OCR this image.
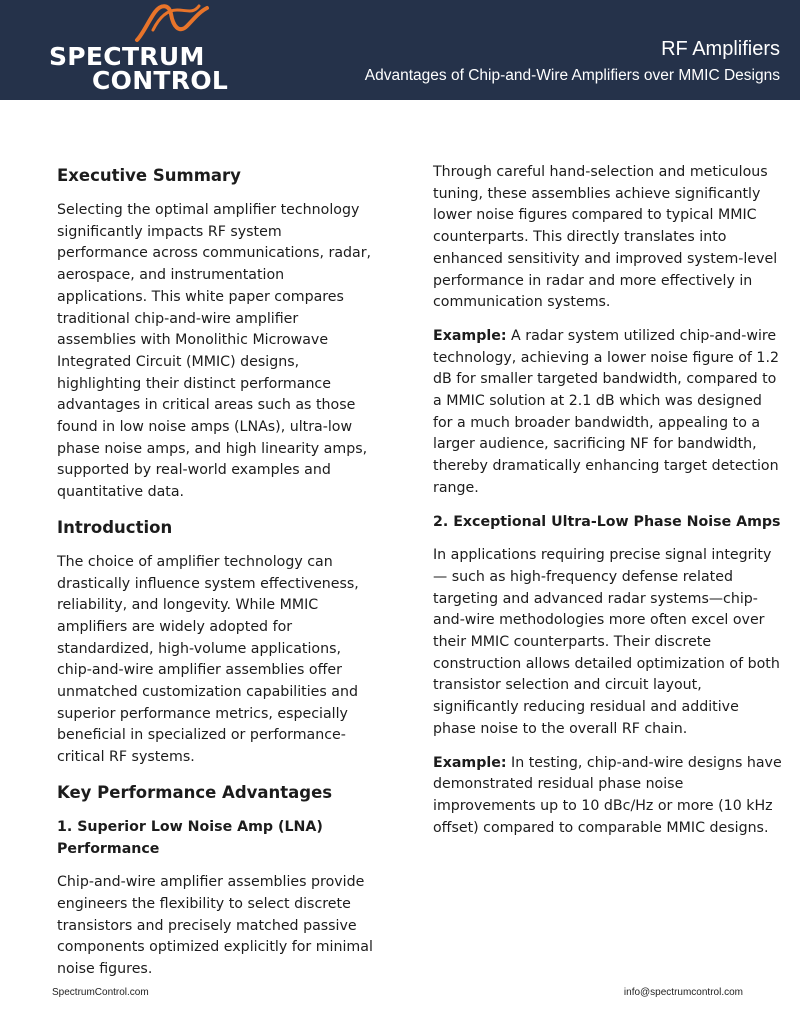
SPECTRUM
CONTROL
RF Amplifiers
Advantages of Chip-and-Wire Amplifiers over MMIC Designs
Executive Summary

Selecting the optimal amplifier technology significantly impacts RF system performance across communications, radar, aerospace, and instrumentation applications. This white paper compares traditional chip-and-wire amplifier assemblies with Monolithic Microwave Integrated Circuit (MMIC) designs, highlighting their distinct performance advantages in critical areas such as those found in low noise amps (LNAs), ultra-low phase noise amps, and high linearity amps, supported by real-world examples and quantitative data.

Introduction

The choice of amplifier technology can drastically influence system effectiveness, reliability, and longevity. While MMIC amplifiers are widely adopted for standardized, high-volume applications, chip-and-wire amplifier assemblies offer unmatched customization capabilities and superior performance metrics, especially beneficial in specialized or performance-critical RF systems.

Key Performance Advantages
1. Superior Low Noise Amp (LNA) Performance

Chip-and-wire amplifier assemblies provide engineers the flexibility to select discrete transistors and precisely matched passive components optimized explicitly for minimal noise figures.

Through careful hand-selection and meticulous tuning, these assemblies achieve significantly lower noise figures compared to typical MMIC counterparts. This directly translates into enhanced sensitivity and improved system-level performance in radar and more effectively in communication systems.

Example: A radar system utilized chip-and-wire technology, achieving a lower noise figure of 1.2 dB for smaller targeted bandwidth, compared to a MMIC solution at 2.1 dB which was designed for a much broader bandwidth, appealing to a larger audience, sacrificing NF for bandwidth, thereby dramatically enhancing target detection range.

2. Exceptional Ultra-Low Phase Noise Amps

In applications requiring precise signal integrity — such as high-frequency defense related targeting and advanced radar systems—chip-and-wire methodologies more often excel over their MMIC counterparts. Their discrete construction allows detailed optimization of both transistor selection and circuit layout, significantly reducing residual and additive phase noise to the overall RF chain.

Example: In testing, chip-and-wire designs have demonstrated residual phase noise improvements up to 10 dBc/Hz or more (10 kHz offset) compared to comparable MMIC designs.

SpectrumControl.com	info@spectrumcontrol.com
